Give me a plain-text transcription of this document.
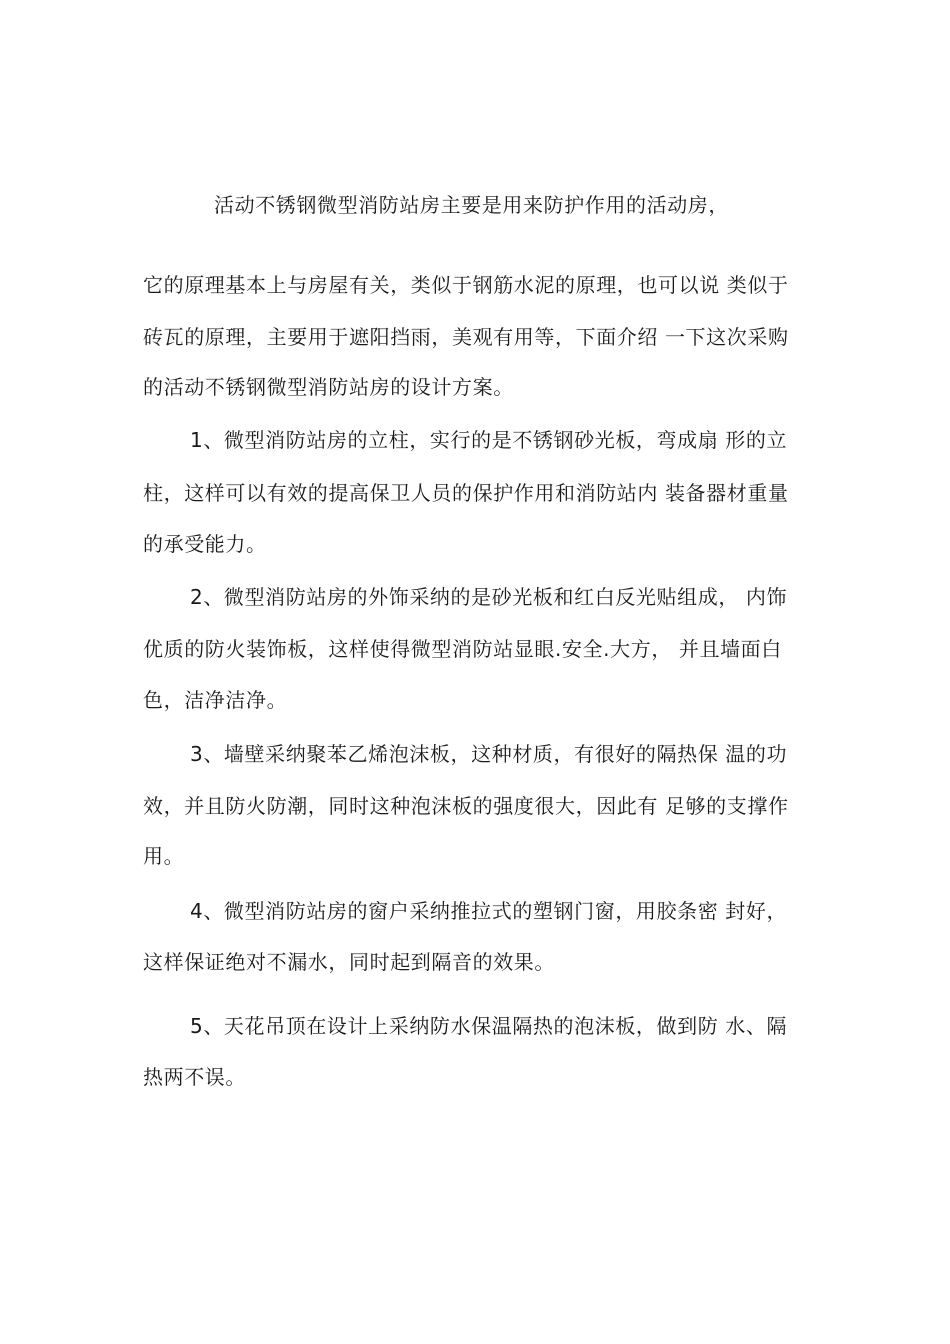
活动不锈钢微型消防站房主要是用来防护作用的活动房，
它的原理基本上与房屋有关，类似于钢筋水泥的原理，也可以说 类似于
砖瓦的原理，主要用于遮阳挡雨，美观有用等，下面介绍 一下这次采购
的活动不锈钢微型消防站房的设计方案。
1、微型消防站房的立柱，实行的是不锈钢砂光板，弯成扇 形的立
柱，这样可以有效的提高保卫人员的保护作用和消防站内 装备器材重量
的承受能力。
2、微型消防站房的外饰采纳的是砂光板和红白反光贴组成， 内饰
优质的防火装饰板，这样使得微型消防站显眼.安全.大方， 并且墙面白
色，洁净洁净。
3、墙壁采纳聚苯乙烯泡沫板，这种材质，有很好的隔热保 温的功
效，并且防火防潮，同时这种泡沫板的强度很大，因此有 足够的支撑作
用。
4、微型消防站房的窗户采纳推拉式的塑钢门窗，用胶条密 封好，
这样保证绝对不漏水，同时起到隔音的效果。
5、天花吊顶在设计上采纳防水保温隔热的泡沫板，做到防 水、隔
热两不误。
